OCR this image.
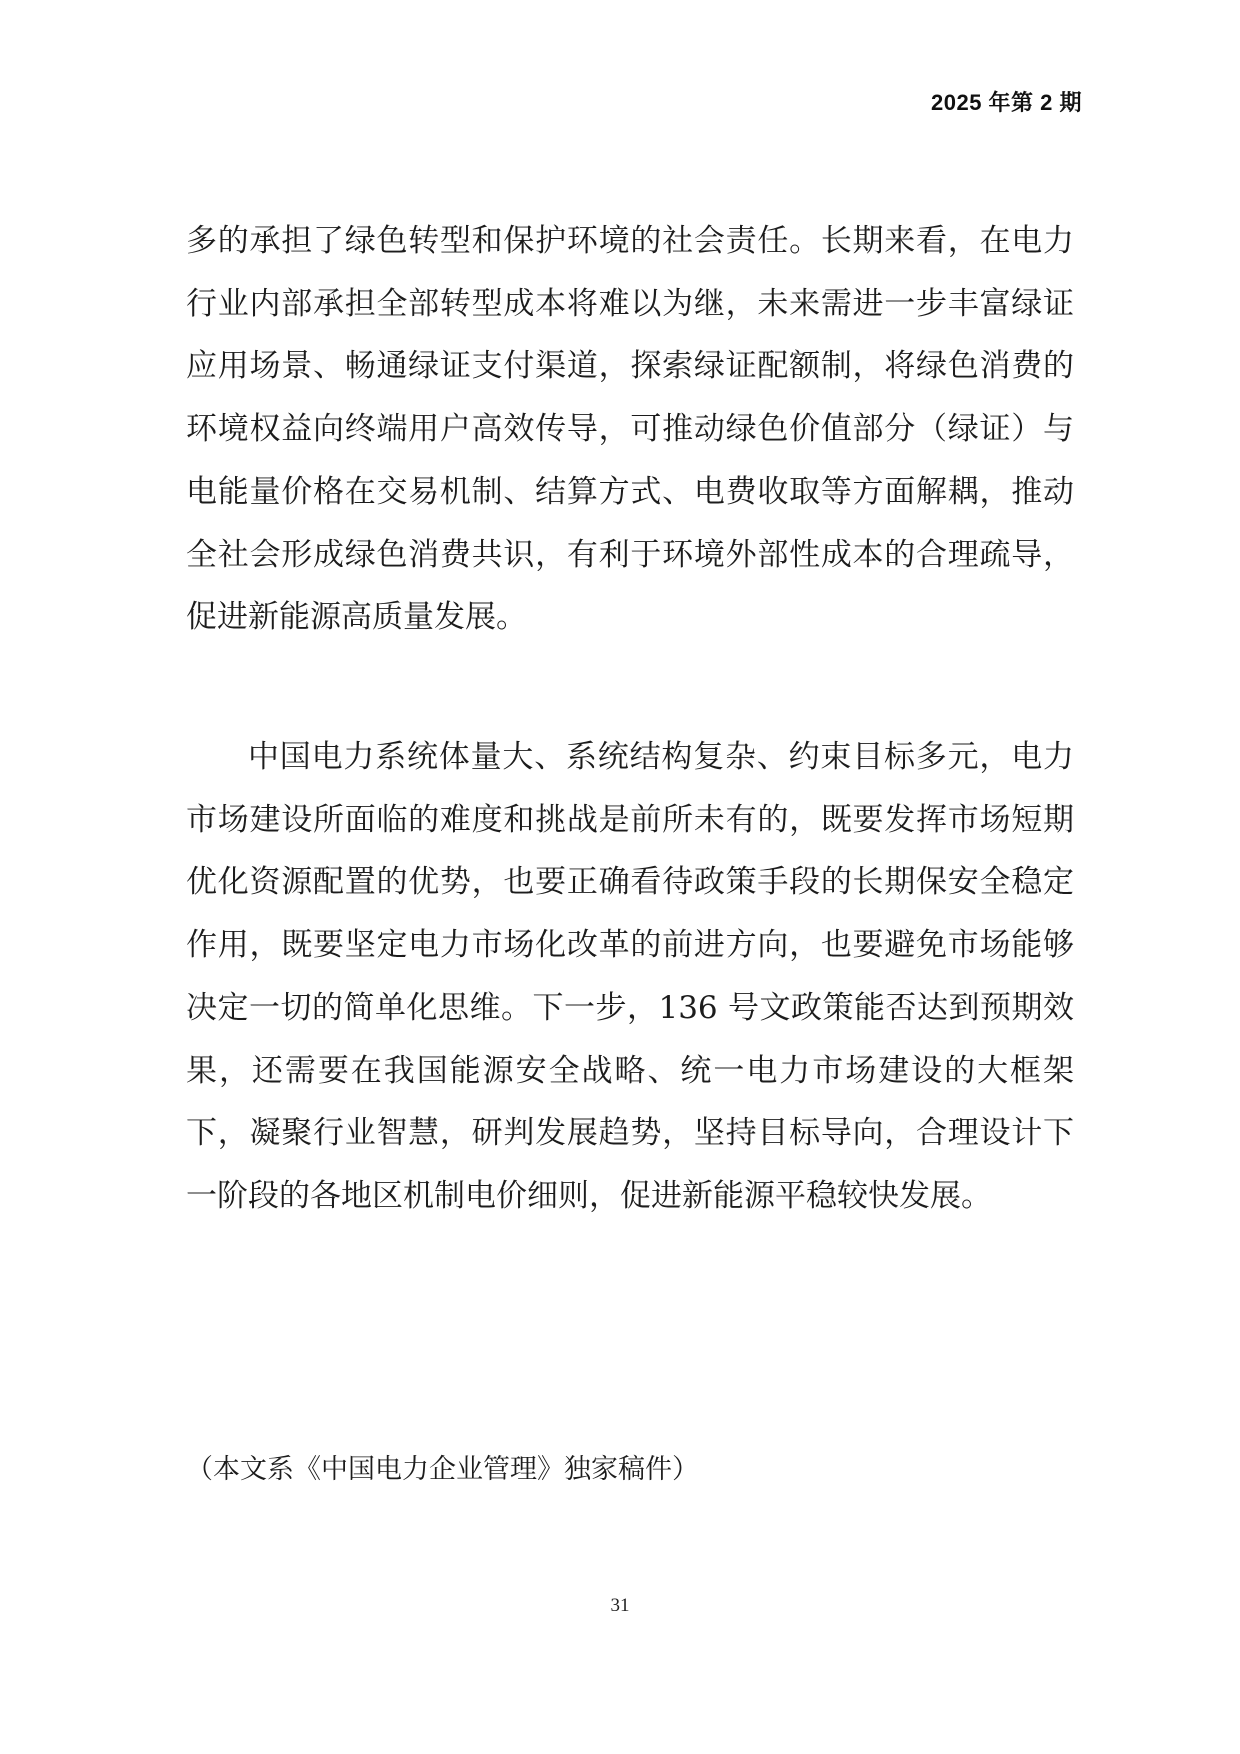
2025 年第 2 期

多的承担了绿色转型和保护环境的社会责任。长期来看，在电力行业内部承担全部转型成本将难以为继，未来需进一步丰富绿证应用场景、畅通绿证支付渠道，探索绿证配额制，将绿色消费的环境权益向终端用户高效传导，可推动绿色价值部分（绿证）与电能量价格在交易机制、结算方式、电费收取等方面解耦，推动全社会形成绿色消费共识，有利于环境外部性成本的合理疏导，促进新能源高质量发展。

中国电力系统体量大、系统结构复杂、约束目标多元，电力市场建设所面临的难度和挑战是前所未有的，既要发挥市场短期优化资源配置的优势，也要正确看待政策手段的长期保安全稳定作用，既要坚定电力市场化改革的前进方向，也要避免市场能够决定一切的简单化思维。下一步，136 号文政策能否达到预期效果，还需要在我国能源安全战略、统一电力市场建设的大框架下，凝聚行业智慧，研判发展趋势，坚持目标导向，合理设计下一阶段的各地区机制电价细则，促进新能源平稳较快发展。

（本文系《中国电力企业管理》独家稿件）
31
